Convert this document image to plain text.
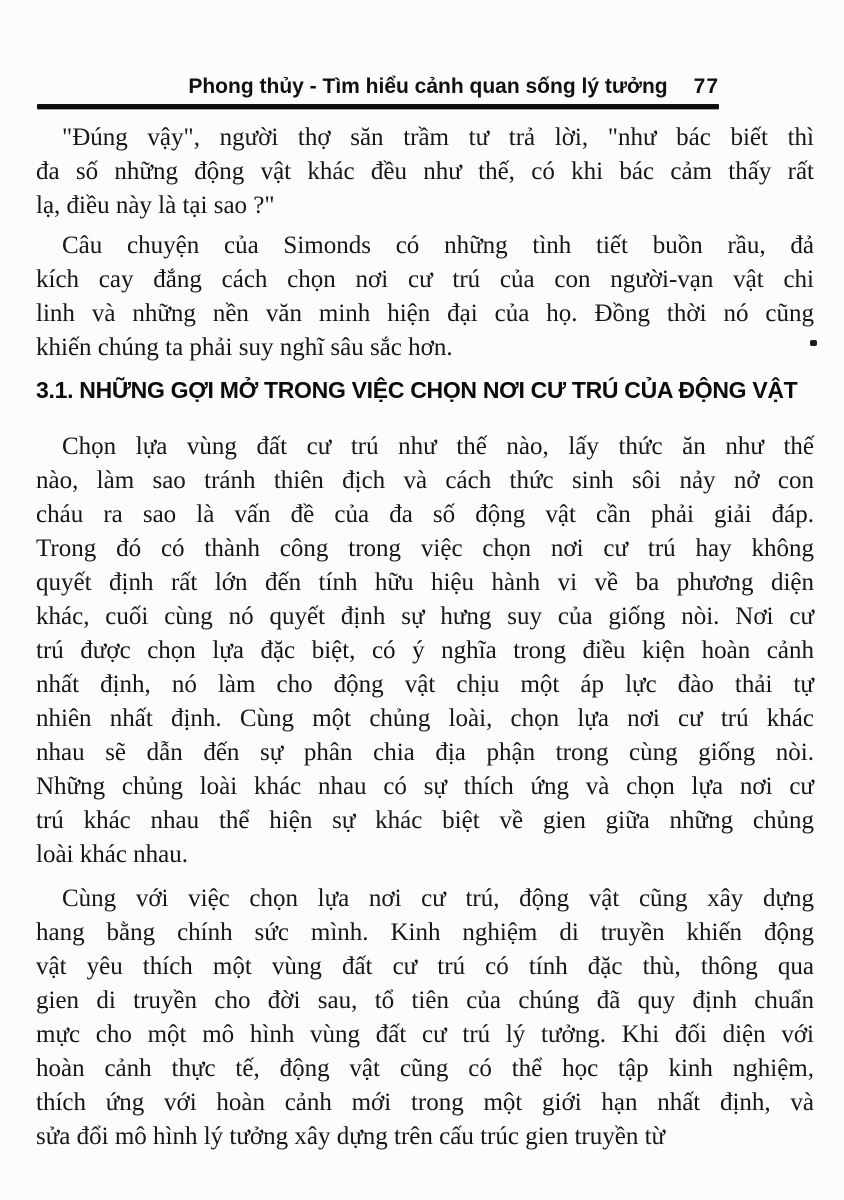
Phong thủy - Tìm hiểu cảnh quan sống lý tưởng 77
"Đúng vậy", người thợ săn trầm tư trả lời, "như bác biết thì
đa số những động vật khác đều như thế, có khi bác cảm thấy rất
lạ, điều này là tại sao ?"
Câu chuyện của Simonds có những tình tiết buồn rầu, đả
kích cay đắng cách chọn nơi cư trú của con người-vạn vật chi
linh và những nền văn minh hiện đại của họ. Đồng thời nó cũng
khiến chúng ta phải suy nghĩ sâu sắc hơn.
3.1. NHỮNG GỢI MỞ TRONG VIỆC CHỌN NƠI CƯ TRÚ CỦA ĐỘNG VẬT
Chọn lựa vùng đất cư trú như thế nào, lấy thức ăn như thế
nào, làm sao tránh thiên địch và cách thức sinh sôi nảy nở con
cháu ra sao là vấn đề của đa số động vật cần phải giải đáp.
Trong đó có thành công trong việc chọn nơi cư trú hay không
quyết định rất lớn đến tính hữu hiệu hành vi về ba phương diện
khác, cuối cùng nó quyết định sự hưng suy của giống nòi. Nơi cư
trú được chọn lựa đặc biệt, có ý nghĩa trong điều kiện hoàn cảnh
nhất định, nó làm cho động vật chịu một áp lực đào thải tự
nhiên nhất định. Cùng một chủng loài, chọn lựa nơi cư trú khác
nhau sẽ dẫn đến sự phân chia địa phận trong cùng giống nòi.
Những chủng loài khác nhau có sự thích ứng và chọn lựa nơi cư
trú khác nhau thể hiện sự khác biệt về gien giữa những chủng
loài khác nhau.
Cùng với việc chọn lựa nơi cư trú, động vật cũng xây dựng
hang bằng chính sức mình. Kinh nghiệm di truyền khiến động
vật yêu thích một vùng đất cư trú có tính đặc thù, thông qua
gien di truyền cho đời sau, tổ tiên của chúng đã quy định chuẩn
mực cho một mô hình vùng đất cư trú lý tưởng. Khi đối diện với
hoàn cảnh thực tế, động vật cũng có thể học tập kinh nghiệm,
thích ứng với hoàn cảnh mới trong một giới hạn nhất định, và
sửa đổi mô hình lý tưởng xây dựng trên cấu trúc gien truyền từ
